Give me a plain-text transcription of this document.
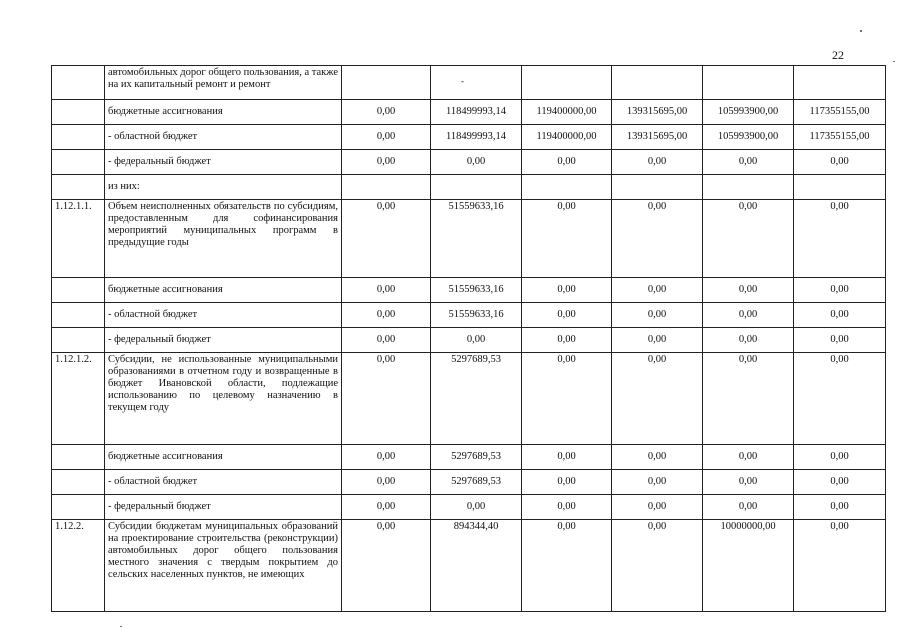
22
	автомобильных дорог общего пользования, а также на их капитальный ремонт и ремонт		-				

	бюджетные ассигнования	0,00	118499993,14	119400000,00	139315695,00	105993900,00	117355155,00
	- областной бюджет	0,00	118499993,14	119400000,00	139315695,00	105993900,00	117355155,00
	- федеральный бюджет	0,00	0,00	0,00	0,00	0,00	0,00
	из них:						
1.12.1.1.	Объем неисполненных обязательств по субсидиям, предоставленным для софинансирования мероприятий муниципальных программ в предыдущие годы	0,00	51559633,16	0,00	0,00	0,00	0,00
	бюджетные ассигнования	0,00	51559633,16	0,00	0,00	0,00	0,00
	- областной бюджет	0,00	51559633,16	0,00	0,00	0,00	0,00
	- федеральный бюджет	0,00	0,00	0,00	0,00	0,00	0,00
1.12.1.2.	Субсидии, не использованные муниципальными образованиями в отчетном году и возвращенные в бюджет Ивановской области, подлежащие использованию по целевому назначению в текущем году	0,00	5297689,53	0,00	0,00	0,00	0,00
	бюджетные ассигнования	0,00	5297689,53	0,00	0,00	0,00	0,00
	- областной бюджет	0,00	5297689,53	0,00	0,00	0,00	0,00
	- федеральный бюджет	0,00	0,00	0,00	0,00	0,00	0,00
1.12.2.	Субсидии бюджетам муниципальных образований на проектирование строительства (реконструкции) автомобильных дорог общего пользования местного значения с твердым покрытием до сельских населенных пунктов, не имеющих	0,00	894344,40	0,00	0,00	10000000,00	0,00
